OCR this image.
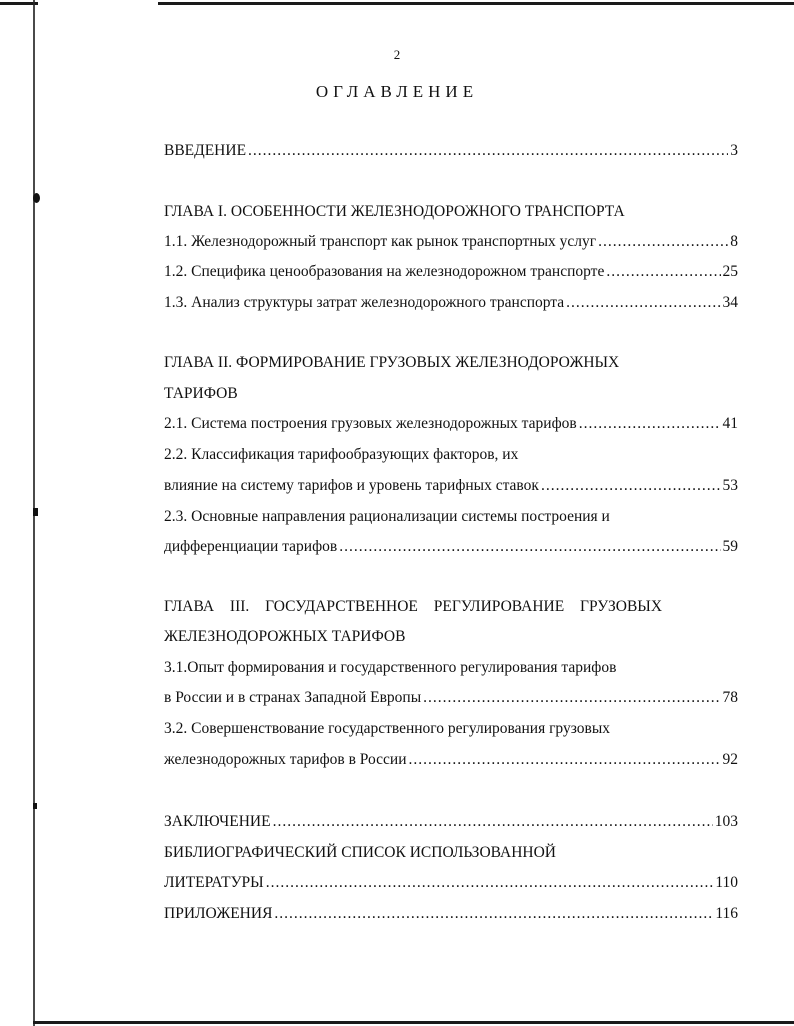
2
ОГЛАВЛЕНИЕ
ВВЕДЕНИЕ .....	3
ГЛАВА I. ОСОБЕННОСТИ ЖЕЛЕЗНОДОРОЖНОГО ТРАНСПОРТА
1.1. Железнодорожный транспорт как рынок транспортных услуг .....	8
1.2. Специфика ценообразования на железнодорожном транспорте .....	25
1.3. Анализ структуры затрат железнодорожного транспорта .....	34
ГЛАВА II. ФОРМИРОВАНИЕ ГРУЗОВЫХ ЖЕЛЕЗНОДОРОЖНЫХ
ТАРИФОВ
2.1. Система построения грузовых железнодорожных тарифов .....	41
2.2. Классификация тарифообразующих факторов, их
влияние на систему тарифов и уровень тарифных ставок .....	53
2.3. Основные направления рационализации системы построения и
дифференциации тарифов .....	59
ГЛАВА III. ГОСУДАРСТВЕННОЕ РЕГУЛИРОВАНИЕ ГРУЗОВЫХ
ЖЕЛЕЗНОДОРОЖНЫХ ТАРИФОВ
3.1.Опыт формирования и государственного регулирования тарифов
в России и в странах Западной Европы .....	78
3.2. Совершенствование государственного регулирования грузовых
железнодорожных тарифов в России .....	92
ЗАКЛЮЧЕНИЕ .....	103
БИБЛИОГРАФИЧЕСКИЙ СПИСОК ИСПОЛЬЗОВАННОЙ
ЛИТЕРАТУРЫ .....	110
ПРИЛОЖЕНИЯ .....	116
